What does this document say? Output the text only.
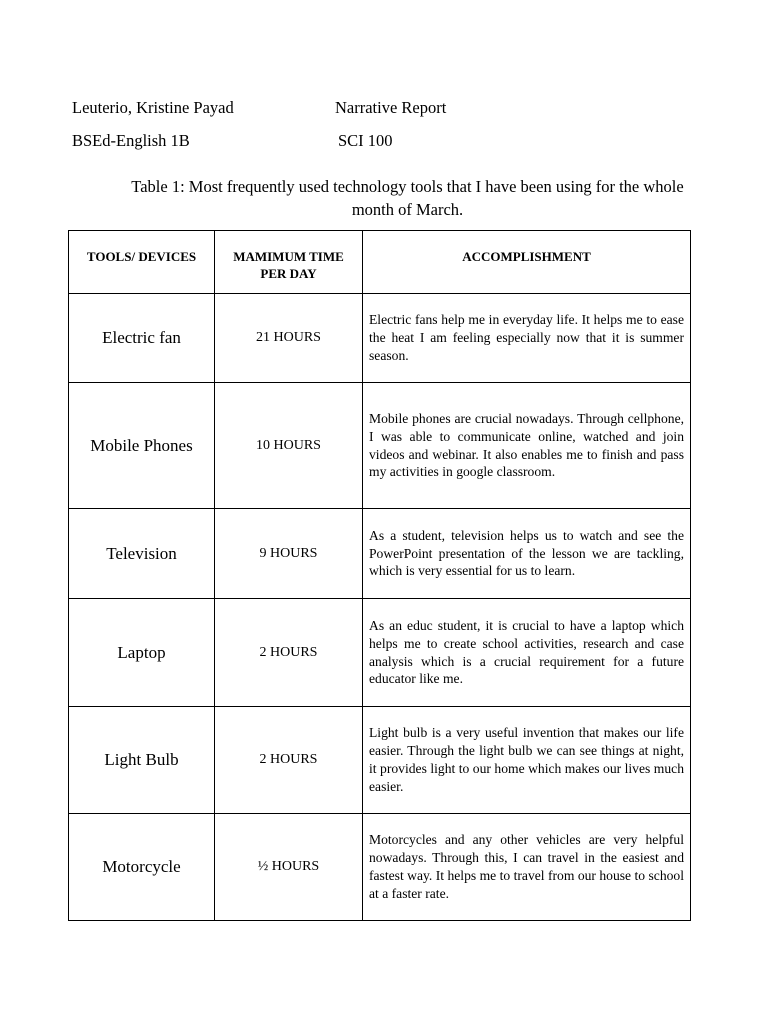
Leuterio, Kristine Payad	Narrative Report
BSEd-English 1B	SCI 100
Table 1: Most frequently used technology tools that I have been using for the whole month of March.
TOOLS/ DEVICES	MAMIMUM TIME PER DAY	ACCOMPLISHMENT
Electric fan	21 HOURS	Electric fans help me in everyday life. It helps me to ease the heat I am feeling especially now that it is summer season.

Mobile Phones	10 HOURS	Mobile phones are crucial nowadays. Through cellphone, I was able to communicate online, watched and join videos and webinar. It also enables me to finish and pass my activities in google classroom.

Television	9 HOURS	As a student, television helps us to watch and see the PowerPoint presentation of the lesson we are tackling, which is very essential for us to learn.

Laptop	2 HOURS	As an educ student, it is crucial to have a laptop which helps me to create school activities, research and case analysis which is a crucial requirement for a future educator like me.

Light Bulb	2 HOURS	Light bulb is a very useful invention that makes our life easier. Through the light bulb we can see things at night, it provides light to our home which makes our lives much easier.

Motorcycle	½ HOURS	Motorcycles and any other vehicles are very helpful nowadays. Through this, I can travel in the easiest and fastest way. It helps me to travel from our house to school at a faster rate.
